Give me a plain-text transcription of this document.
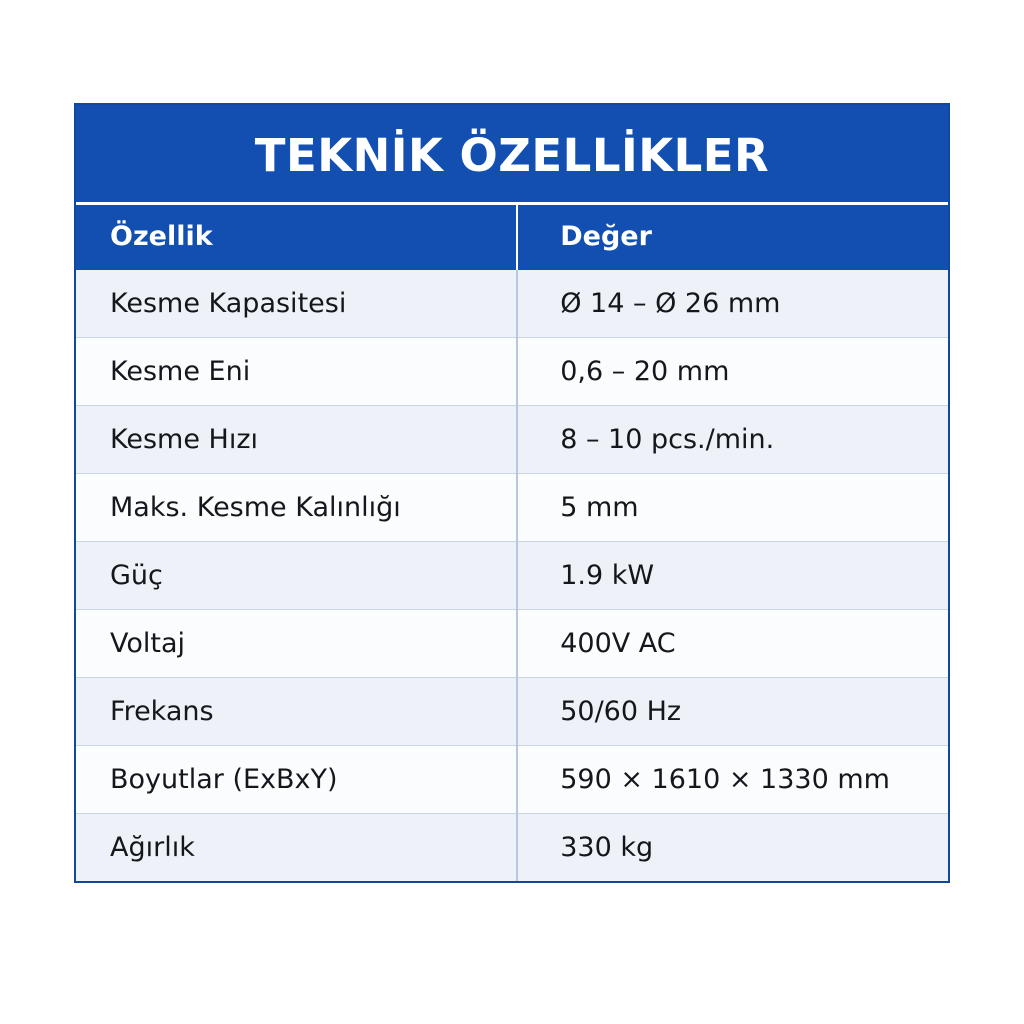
TEKNİK ÖZELLİKLER
Özellik	Değer
Kesme Kapasitesi	Ø 14 – Ø 26 mm
Kesme Eni	0,6 – 20 mm
Kesme Hızı	8 – 10 pcs./min.
Maks. Kesme Kalınlığı	5 mm
Güç	1.9 kW
Voltaj	400V AC
Frekans	50/60 Hz
Boyutlar (ExBxY)	590 × 1610 × 1330 mm
Ağırlık	330 kg
